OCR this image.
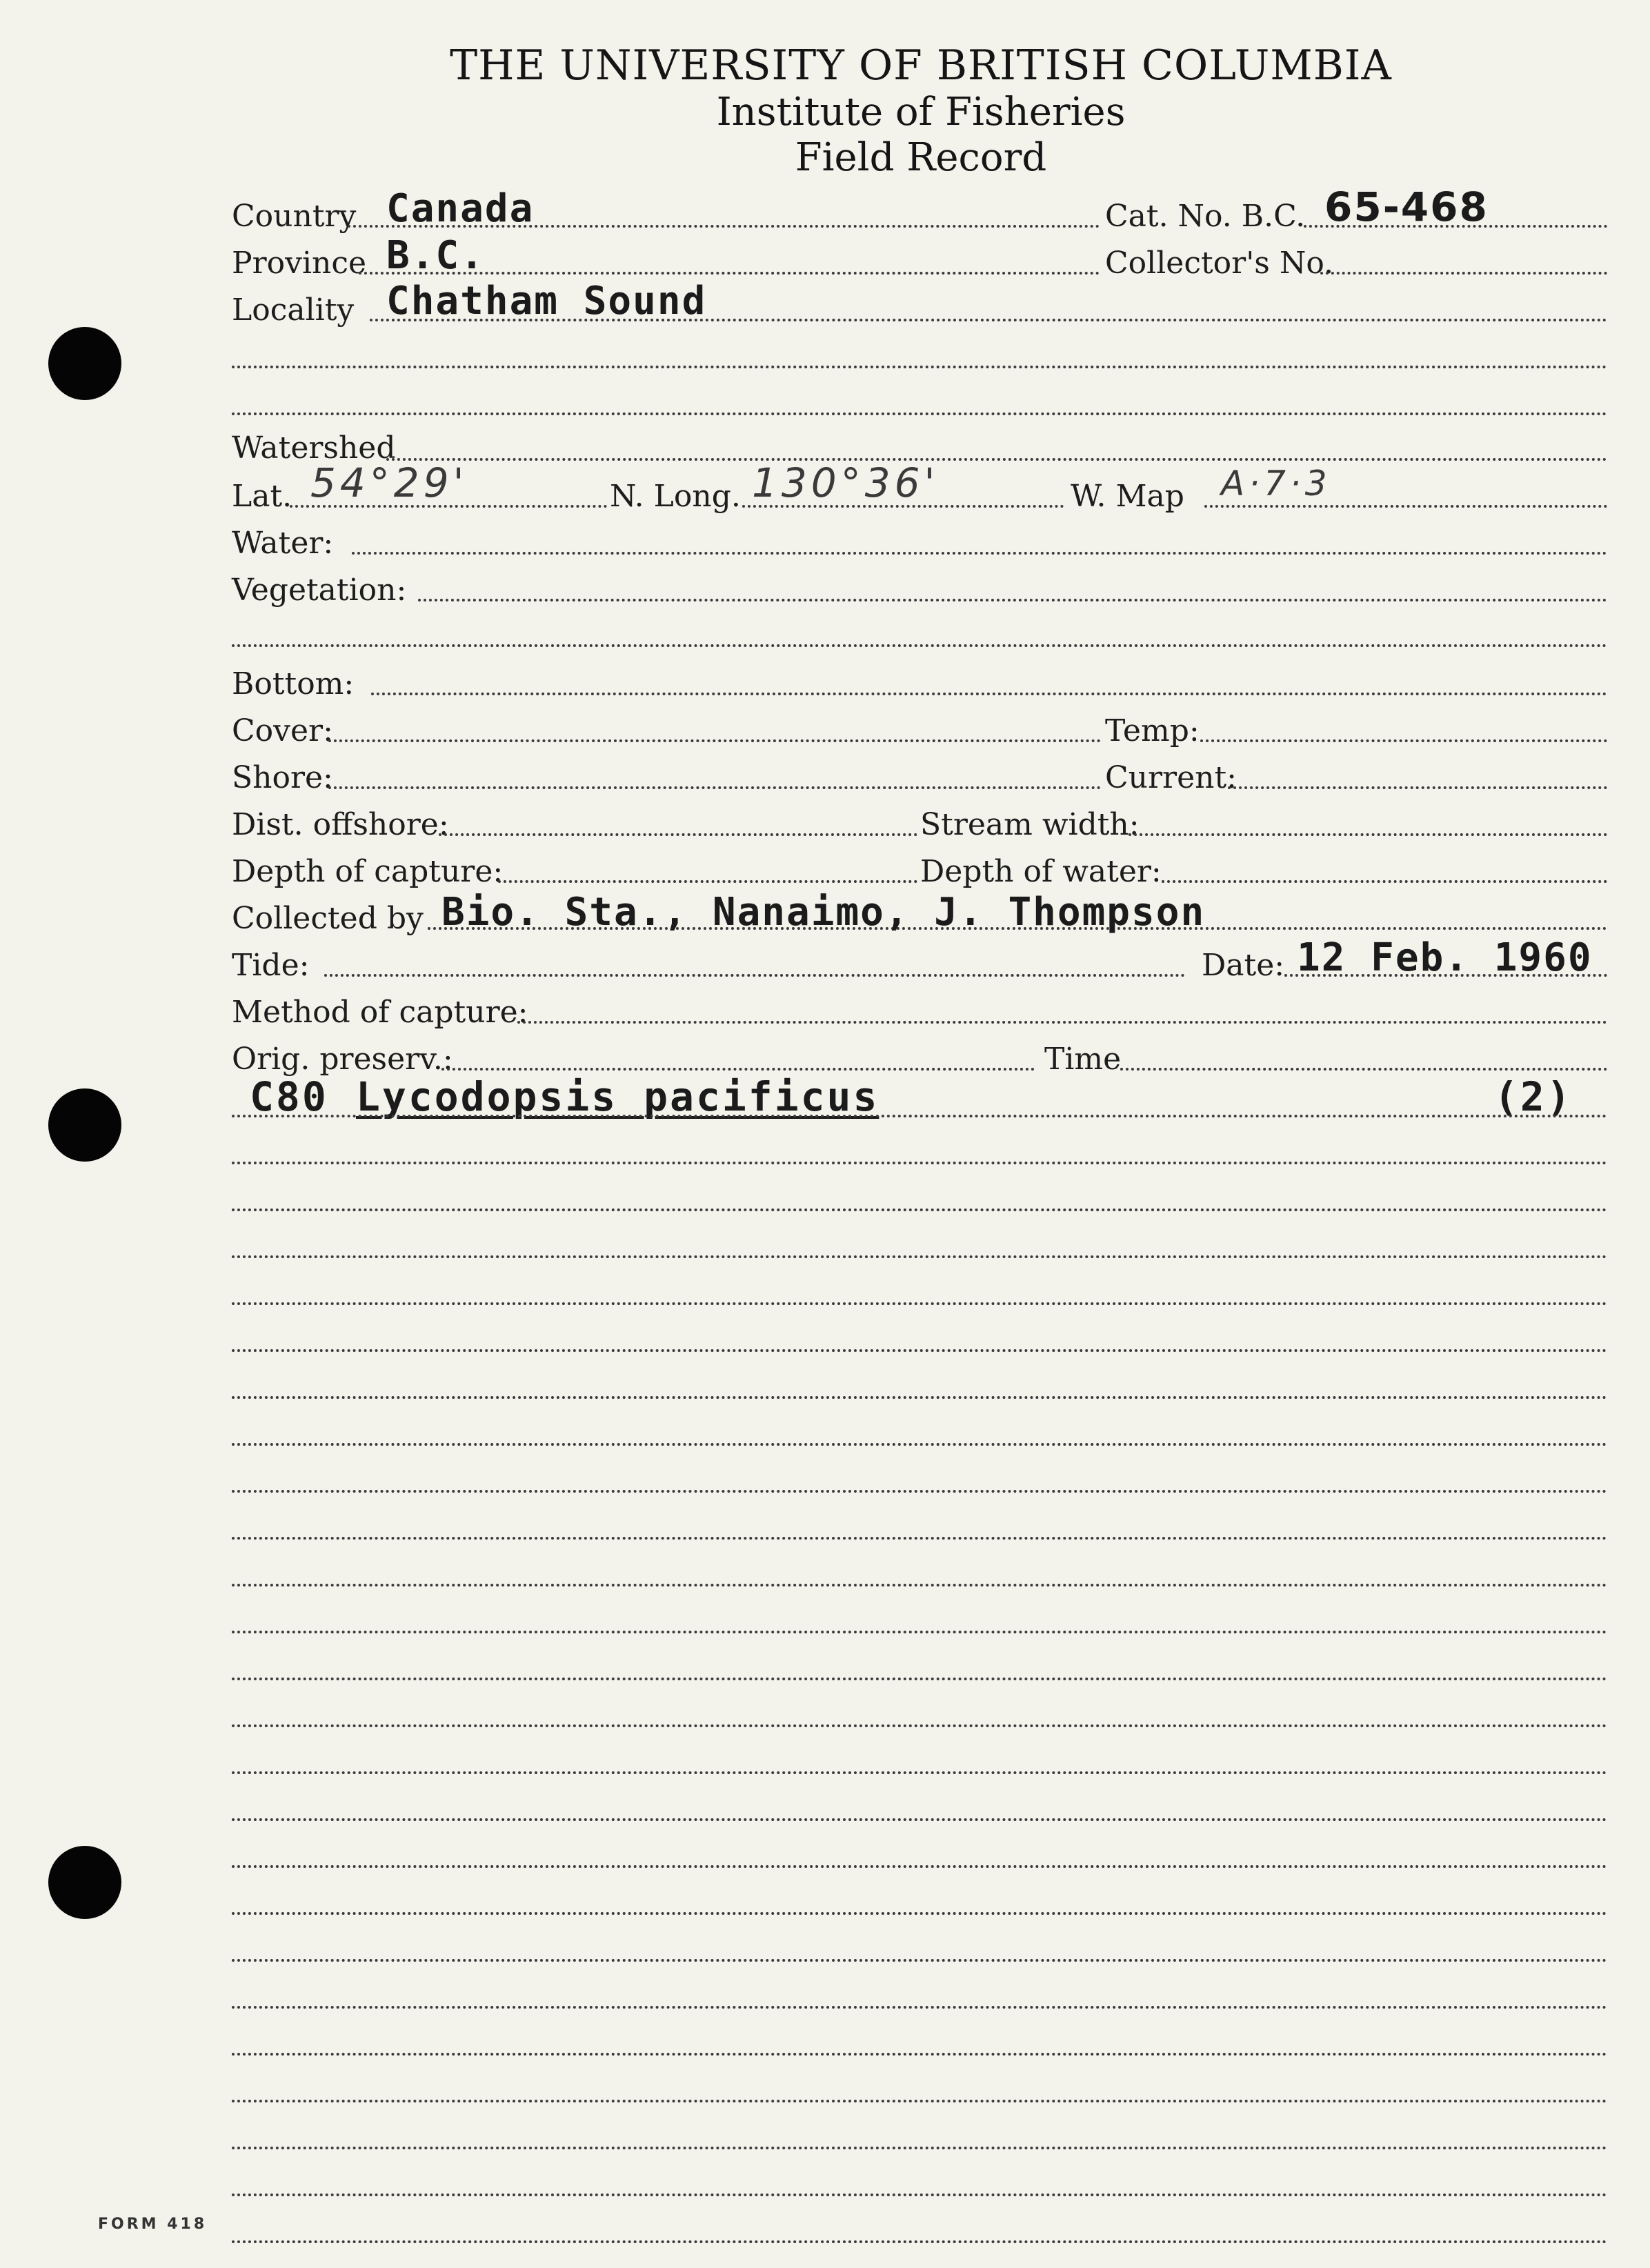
THE UNIVERSITY OF BRITISH COLUMBIA
Institute of Fisheries
Field Record
Country Canada	Cat. No. B.C. 65-468
Province B.C.	Collector's No.
Locality Chatham Sound
Watershed
Lat. 54°29'	N. Long. 130°36'	W. Map A·7·3
Water:
Vegetation:
Bottom:
Cover:	Temp:
Shore:	Current:
Dist. offshore:	Stream width:
Depth of capture:	Depth of water:
Collected by Bio. Sta., Nanaimo, J. Thompson
Tide:	Date: 12 Feb. 1960
Method of capture:
Orig. preserv.:	Time
C80 Lycodopsis pacificus	(2)
FORM 418
